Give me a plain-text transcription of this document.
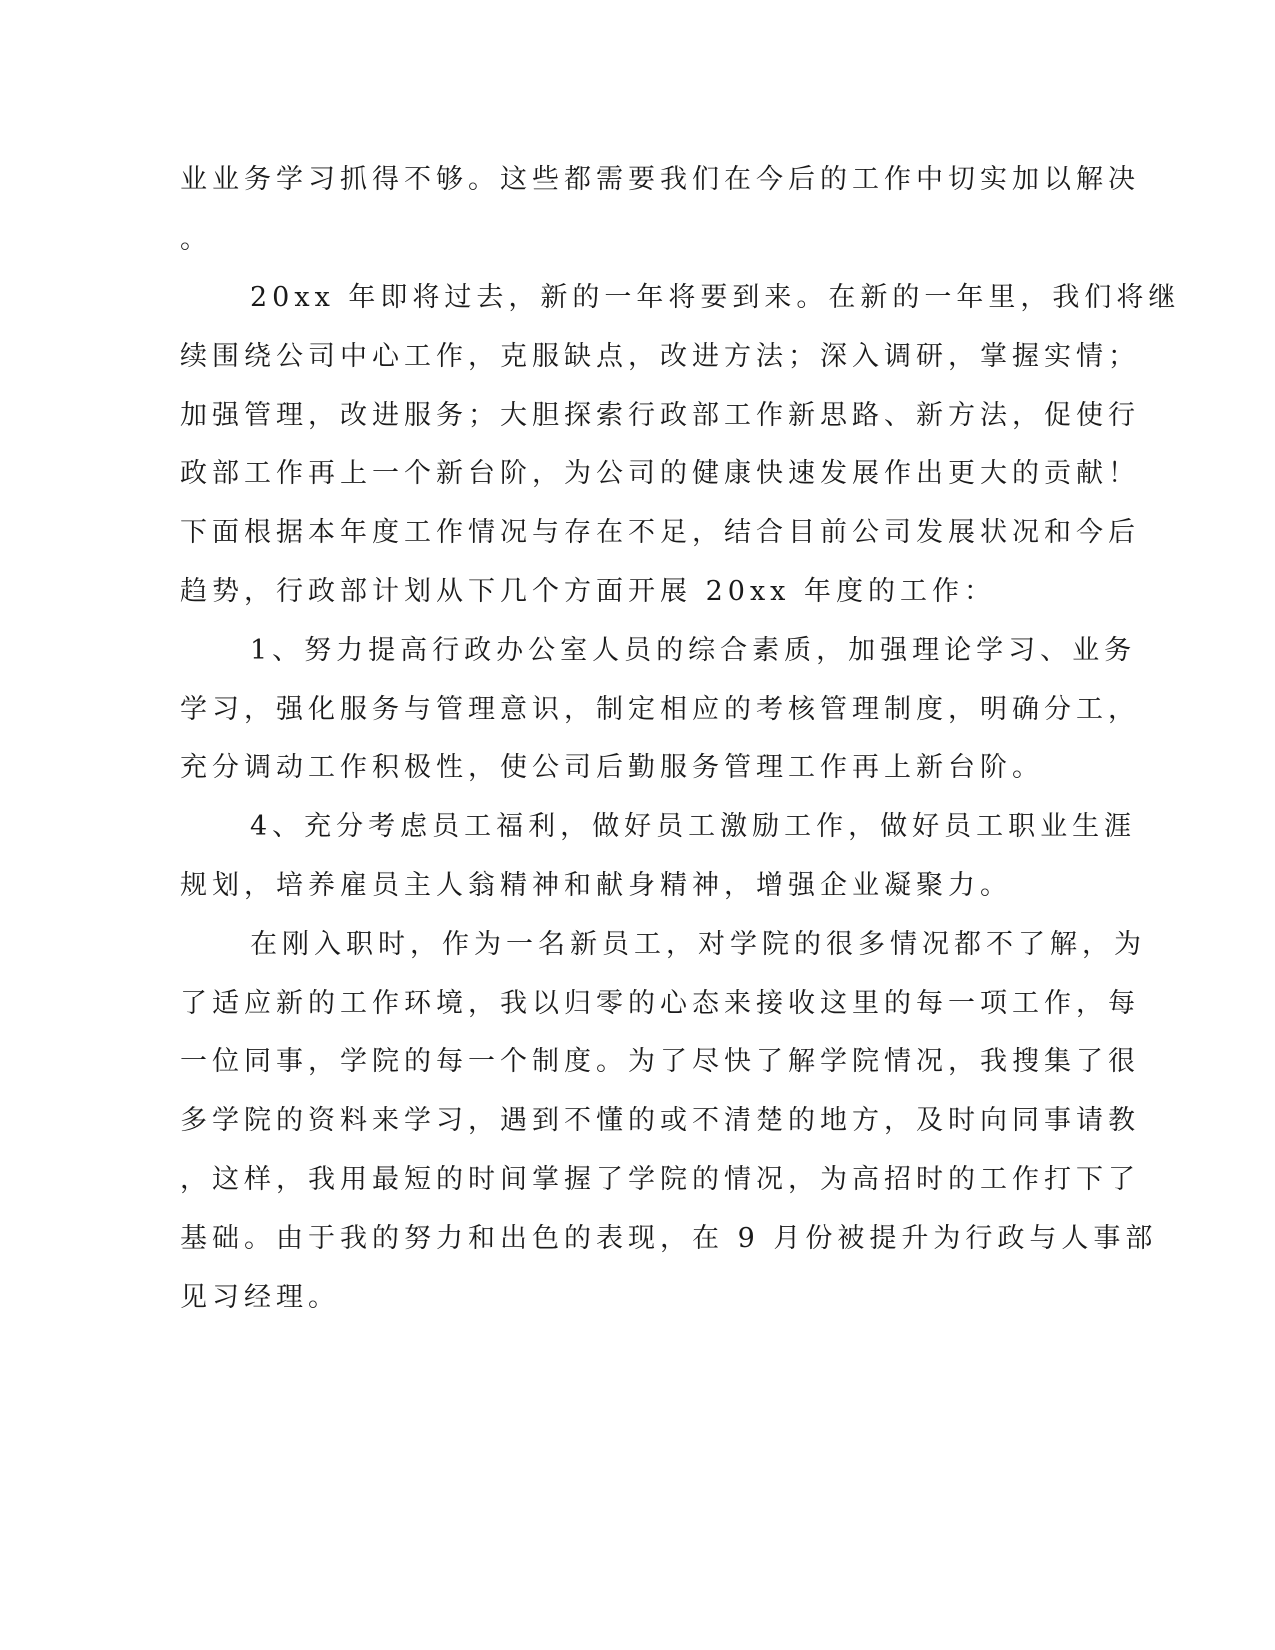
业业务学习抓得不够。这些都需要我们在今后的工作中切实加以解决

。

20xx 年即将过去，新的一年将要到来。在新的一年里，我们将继

续围绕公司中心工作，克服缺点，改进方法；深入调研，掌握实情；

加强管理，改进服务；大胆探索行政部工作新思路、新方法，促使行

政部工作再上一个新台阶，为公司的健康快速发展作出更大的贡献！

下面根据本年度工作情况与存在不足，结合目前公司发展状况和今后

趋势，行政部计划从下几个方面开展 20xx 年度的工作：

1、努力提高行政办公室人员的综合素质，加强理论学习、业务

学习，强化服务与管理意识，制定相应的考核管理制度，明确分工，

充分调动工作积极性，使公司后勤服务管理工作再上新台阶。

4、充分考虑员工福利，做好员工激励工作，做好员工职业生涯

规划，培养雇员主人翁精神和献身精神，增强企业凝聚力。

在刚入职时，作为一名新员工，对学院的很多情况都不了解，为

了适应新的工作环境，我以归零的心态来接收这里的每一项工作，每

一位同事，学院的每一个制度。为了尽快了解学院情况，我搜集了很

多学院的资料来学习，遇到不懂的或不清楚的地方，及时向同事请教

，这样，我用最短的时间掌握了学院的情况，为高招时的工作打下了

基础。由于我的努力和出色的表现，在 9 月份被提升为行政与人事部

见习经理。
